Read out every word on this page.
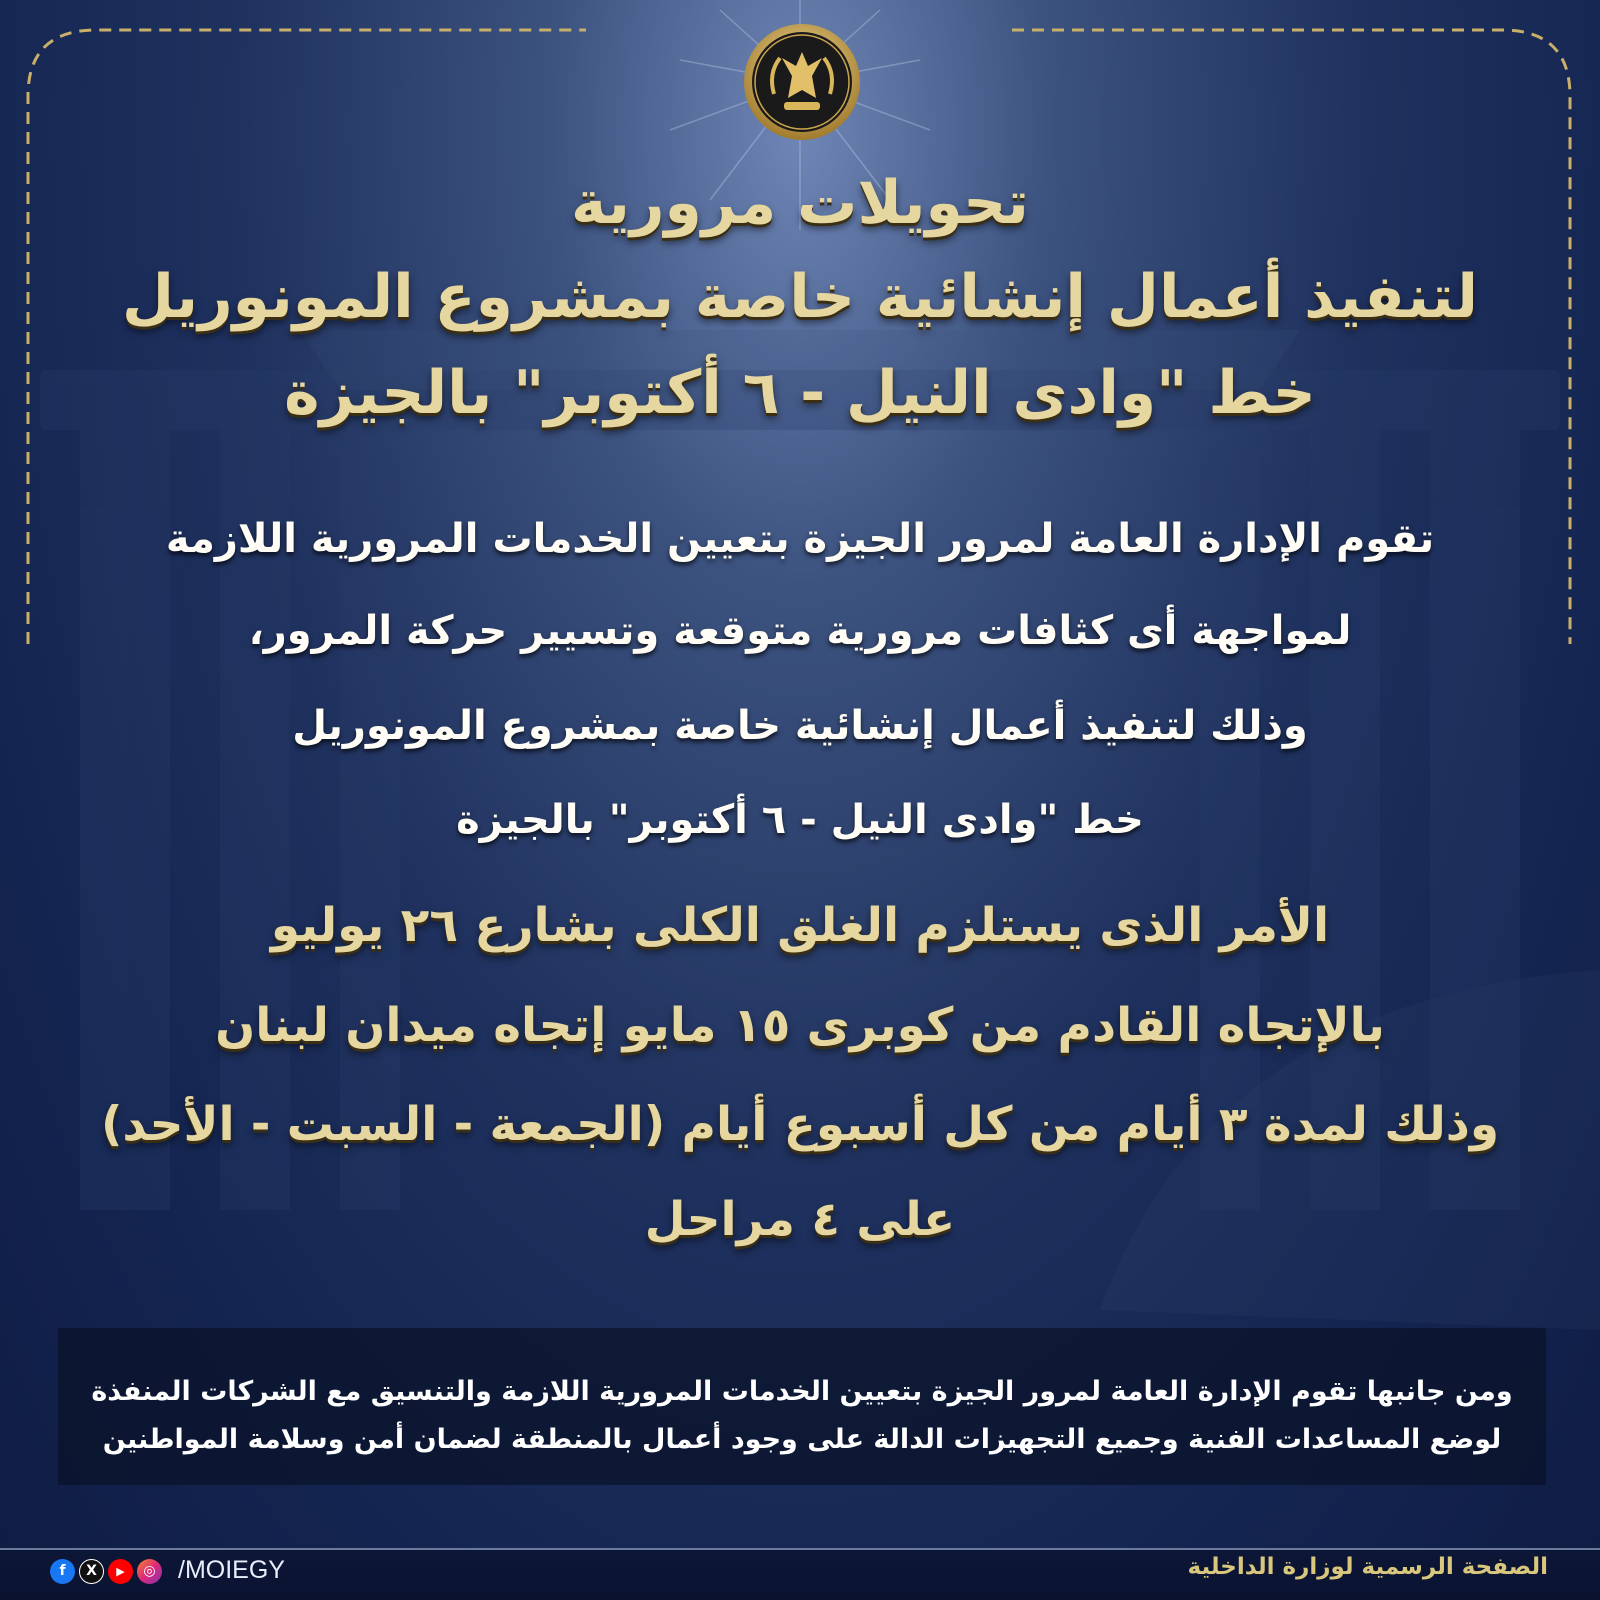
تحويلات مرورية
لتنفيذ أعمال إنشائية خاصة بمشروع المونوريل
خط "وادى النيل - ٦ أكتوبر" بالجيزة
تقوم الإدارة العامة لمرور الجيزة بتعيين الخدمات المرورية اللازمة
لمواجهة أى كثافات مرورية متوقعة وتسيير حركة المرور،
وذلك لتنفيذ أعمال إنشائية خاصة بمشروع المونوريل
خط "وادى النيل - ٦ أكتوبر" بالجيزة
الأمر الذى يستلزم الغلق الكلى بشارع ٢٦ يوليو
بالإتجاه القادم من كوبرى ١٥ مايو إتجاه ميدان لبنان
وذلك لمدة ٣ أيام من كل أسبوع أيام (الجمعة - السبت - الأحد)
على ٤ مراحل
ومن جانبها تقوم الإدارة العامة لمرور الجيزة بتعيين الخدمات المرورية اللازمة والتنسيق مع الشركات المنفذة
لوضع المساعدات الفنية وجميع التجهيزات الدالة على وجود أعمال بالمنطقة لضمان أمن وسلامة المواطنين
f	X	▶	◎ /MOIEGY	الصفحة الرسمية لوزارة الداخلية
